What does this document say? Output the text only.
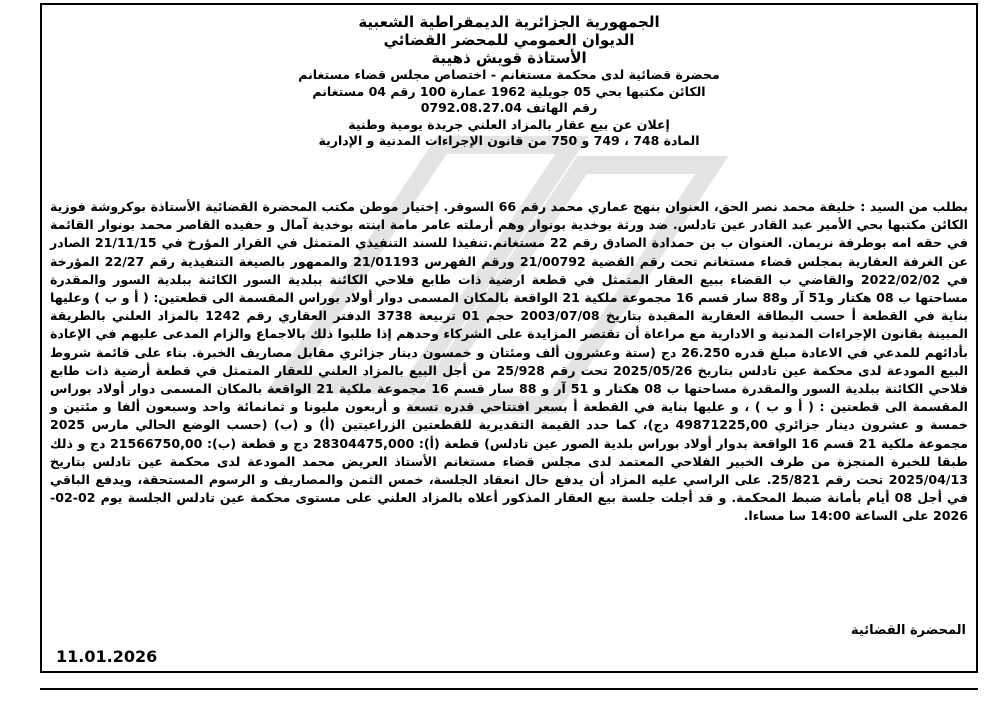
الجمهورية الجزائرية الديمقراطية الشعبية
الديوان العمومي للمحضر القضائي
الأستاذة قويش ذهيبة
محضرة قضائية لدى محكمة مستغانم - اختصاص مجلس قضاء مستغانم
الكائن مكتبها بحي 05 جويلية 1962 عمارة 100 رقم 04 مستغانم
رقم الهاتف 0792.08.27.04
إعلان عن بيع عقار بالمزاد العلني جريدة يومية وطنية
المادة 748 ، 749 و 750 من قانون الإجراءات المدنية و الإدارية
بطلب من السيد : خليفة محمد نصر الحق، العنوان بنهج عماري محمد رقم 66 السوقر. إختيار موطن مكتب المحضرة القضائية الأستاذة بوكروشة فوزية الكائن مكتبها بحي الأمير عبد القادر عين تادلس. ضد ورثة بوخدية بونوار وهم أرملته عامر مامة ابنته بوخدية آمال و حفيده القاصر محمد بونوار القائمة في حقه امه بوطرفة نريمان. العنوان ب بن حمدادة الصادق رقم 22 مستغانم.تنفيذا للسند التنفيذي المتمثل في القرار المؤرخ في 21/11/15 الصادر عن الغرفة العقارية بمجلس قضاء مستغانم تحت رقم القضية 21/00792 ورقم الفهرس 21/01193 والممهور بالصيغة التنفيذية رقم 22/27 المؤرخة في 2022/02/02 والقاضي ب القضاء ببيع العقار المتمثل في قطعة ارضية ذات طابع فلاحي الكائنة ببلدية السور الكائنة ببلدية السور والمقدرة مساحتها ب 08 هكتار و51 آر و88 سار قسم 16 مجموعة ملكية 21 الواقعة بالمكان المسمى دوار أولاد بوراس المقسمة الى قطعتين: ( أ و ب ) وعليها بناية في القطعة أ حسب البطاقة العقارية المقيدة بتاريخ 2003/07/08 حجم 01 تربيعة 3738 الدفتر العقاري رقم 1242 بالمزاد العلني بالطريقة المبينة بقانون الإجراءات المدنية و الادارية مع مراعاة أن تقتصر المزايدة على الشركاء وحدهم إذا طلبوا ذلك بالاجماع والزام المدعى عليهم في الإعادة بأدائهم للمدعي في الاعادة مبلغ قدره 26.250 دج (ستة وعشرون ألف ومئتان و خمسون دينار جزائري مقابل مصاريف الخبرة. بناء على قائمة شروط البيع المودعة لدى محكمة عين تادلس بتاريخ 2025/05/26 تحت رقم 25/928 من أجل البيع بالمزاد العلني للعقار المتمثل في قطعة أرضية ذات طابع فلاحي الكائنة ببلدية السور والمقدرة مساحتها ب 08 هكتار و 51 آر و 88 سار قسم 16 مجموعة ملكية 21 الواقعة بالمكان المسمى دوار أولاد بوراس المقسمة الى قطعتين : ( أ و ب ) ، و عليها بناية في القطعة أ بسعر افتتاحي قدره تسعة و أربعون مليونا و ثمانمائة واحد وسبعون ألفا و مئتين و خمسة و عشرون دينار جزائري 49871225,00 دج)، كما حدد القيمة التقديرية للقطعتين الزراعيتين (أ) و (ب) (حسب الوضع الحالي مارس 2025 مجموعة ملكية 21 قسم 16 الواقعة بدوار أولاد بوراس بلدية الصور عين تادلس) قطعة (أ): 28304475,000 دج و قطعة (ب): 21566750,00 دج و ذلك طبقا للخبرة المنجزة من طرف الخبير الفلاحي المعتمد لدى مجلس قضاء مستغانم الأستاذ العريض محمد المودعة لدى محكمة عين تادلس بتاريخ 2025/04/13 تحت رقم 25/821. على الراسي عليه المزاد أن يدفع حال انعقاد الجلسة، خمس الثمن والمصاريف و الرسوم المستحقة، ويدفع الباقي في أجل 08 أيام بأمانة ضبط المحكمة. و قد أجلت جلسة بيع العقار المذكور أعلاه بالمزاد العلني على مستوى محكمة عين تادلس الجلسة يوم 02-02-2026 على الساعة 14:00 سا مساءا.
المحضرة القضائية
11.01.2026
